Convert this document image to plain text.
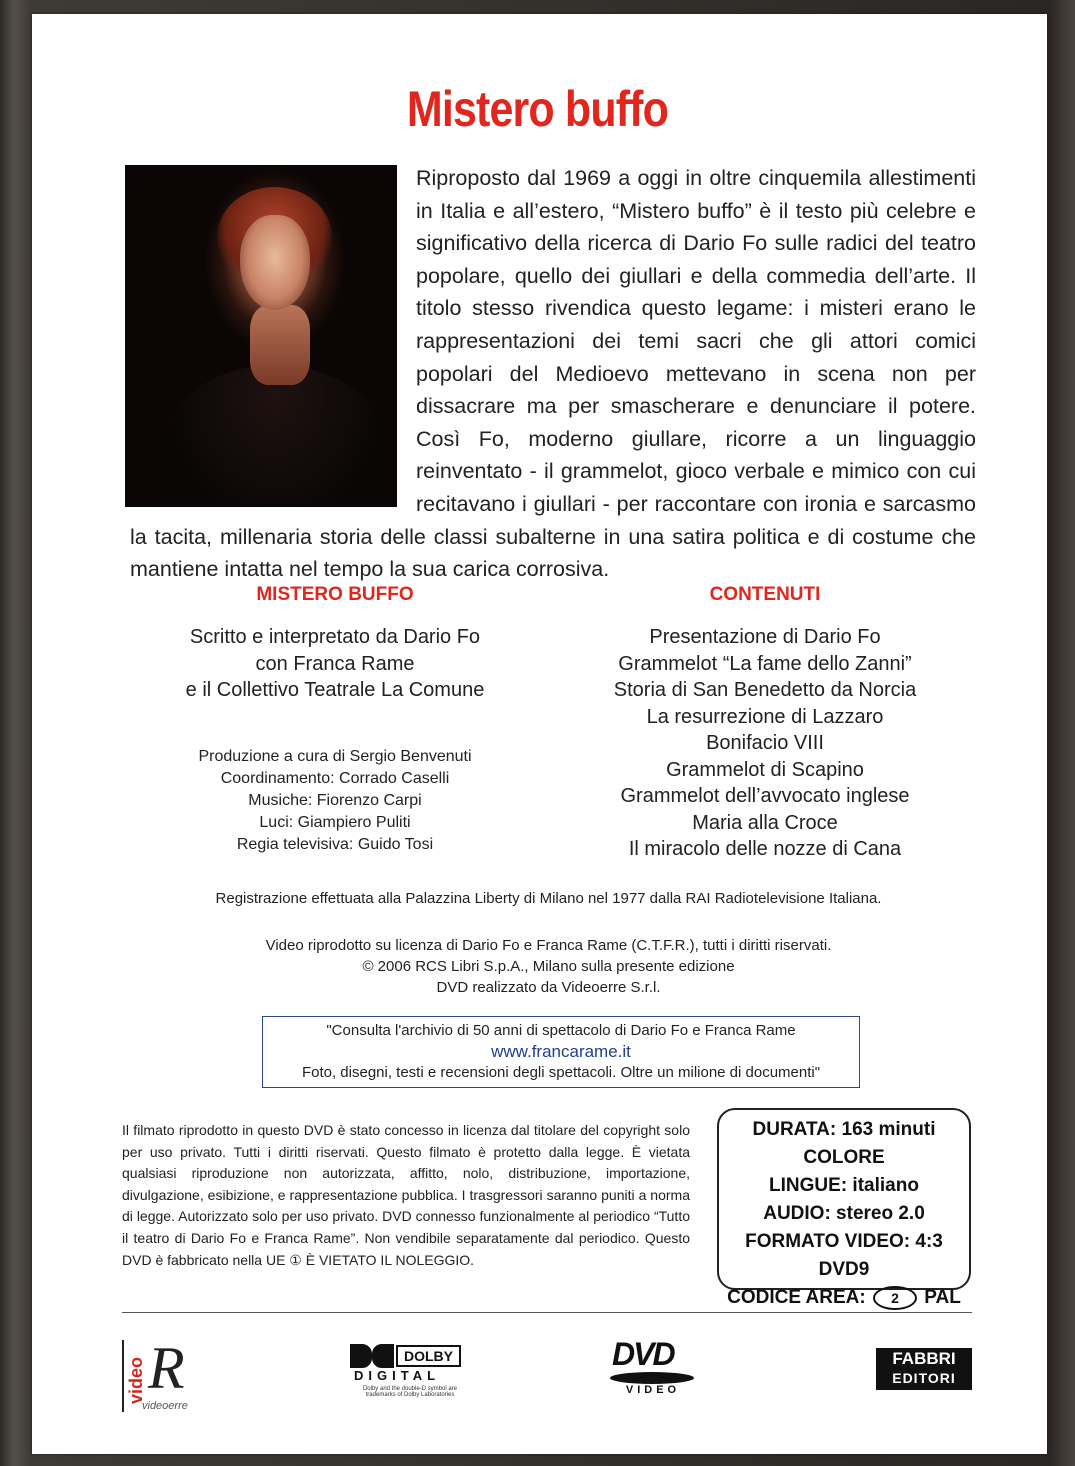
Mistero buffo
Riproposto dal 1969 a oggi in oltre cinquemila allestimenti in Italia e all’estero, “Mistero buffo” è il testo più celebre e significativo della ricerca di Dario Fo sulle radici del teatro popolare, quello dei giullari e della commedia dell’arte. Il titolo stesso rivendica questo legame: i misteri erano le rappresentazioni dei temi sacri che gli attori comici popolari del Medioevo mettevano in scena non per dissacrare ma per smascherare e denunciare il potere. Così Fo, moderno giullare, ricorre a un linguaggio reinventato - il grammelot, gioco verbale e mimico con cui recitavano i giullari - per raccontare con ironia e sarcasmo la tacita, millenaria storia delle classi subalterne in una satira politica e di costume che mantiene intatta nel tempo la sua carica corrosiva.
MISTERO BUFFO	CONTENUTI
Scritto e interpretato da Dario Fo
con Franca Rame
e il Collettivo Teatrale La Comune
Produzione a cura di Sergio Benvenuti
Coordinamento: Corrado Caselli
Musiche: Fiorenzo Carpi
Luci: Giampiero Puliti
Regia televisiva: Guido Tosi
Presentazione di Dario Fo
Grammelot “La fame dello Zanni”
Storia di San Benedetto da Norcia
La resurrezione di Lazzaro
Bonifacio VIII
Grammelot di Scapino
Grammelot dell’avvocato inglese
Maria alla Croce
Il miracolo delle nozze di Cana
Registrazione effettuata alla Palazzina Liberty di Milano nel 1977 dalla RAI Radiotelevisione Italiana.
Video riprodotto su licenza di Dario Fo e Franca Rame (C.T.F.R.), tutti i diritti riservati.
© 2006 RCS Libri S.p.A., Milano sulla presente edizione
DVD realizzato da Videoerre S.r.l.
"Consulta l'archivio di 50 anni di spettacolo di Dario Fo e Franca Rame
www.francarame.it
Foto, disegni, testi e recensioni degli spettacoli. Oltre un milione di documenti"
Il filmato riprodotto in questo DVD è stato concesso in licenza dal titolare del copyright solo per uso privato. Tutti i diritti riservati. Questo filmato è protetto dalla legge. È vietata qualsiasi riproduzione non autorizzata, affitto, nolo, distribuzione, importazione, divulgazione, esibizione, e rappresentazione pubblica. I trasgressori saranno puniti a norma di legge. Autorizzato solo per uso privato. DVD connesso funzionalmente al periodico “Tutto il teatro di Dario Fo e Franca Rame”. Non vendibile separatamente dal periodico. Questo DVD è fabbricato nella UE ① È VIETATO IL NOLEGGIO.
DURATA: 163 minuti
COLORE
LINGUE: italiano
AUDIO: stereo 2.0
FORMATO VIDEO: 4:3 DVD9
CODICE AREA: 2 PAL
video R
videoerre
DOLBY
DIGITAL
Dolby and the double-D symbol are
trademarks of Dolby Laboratories
DVD
VIDEO
FABBRI
EDITORI
